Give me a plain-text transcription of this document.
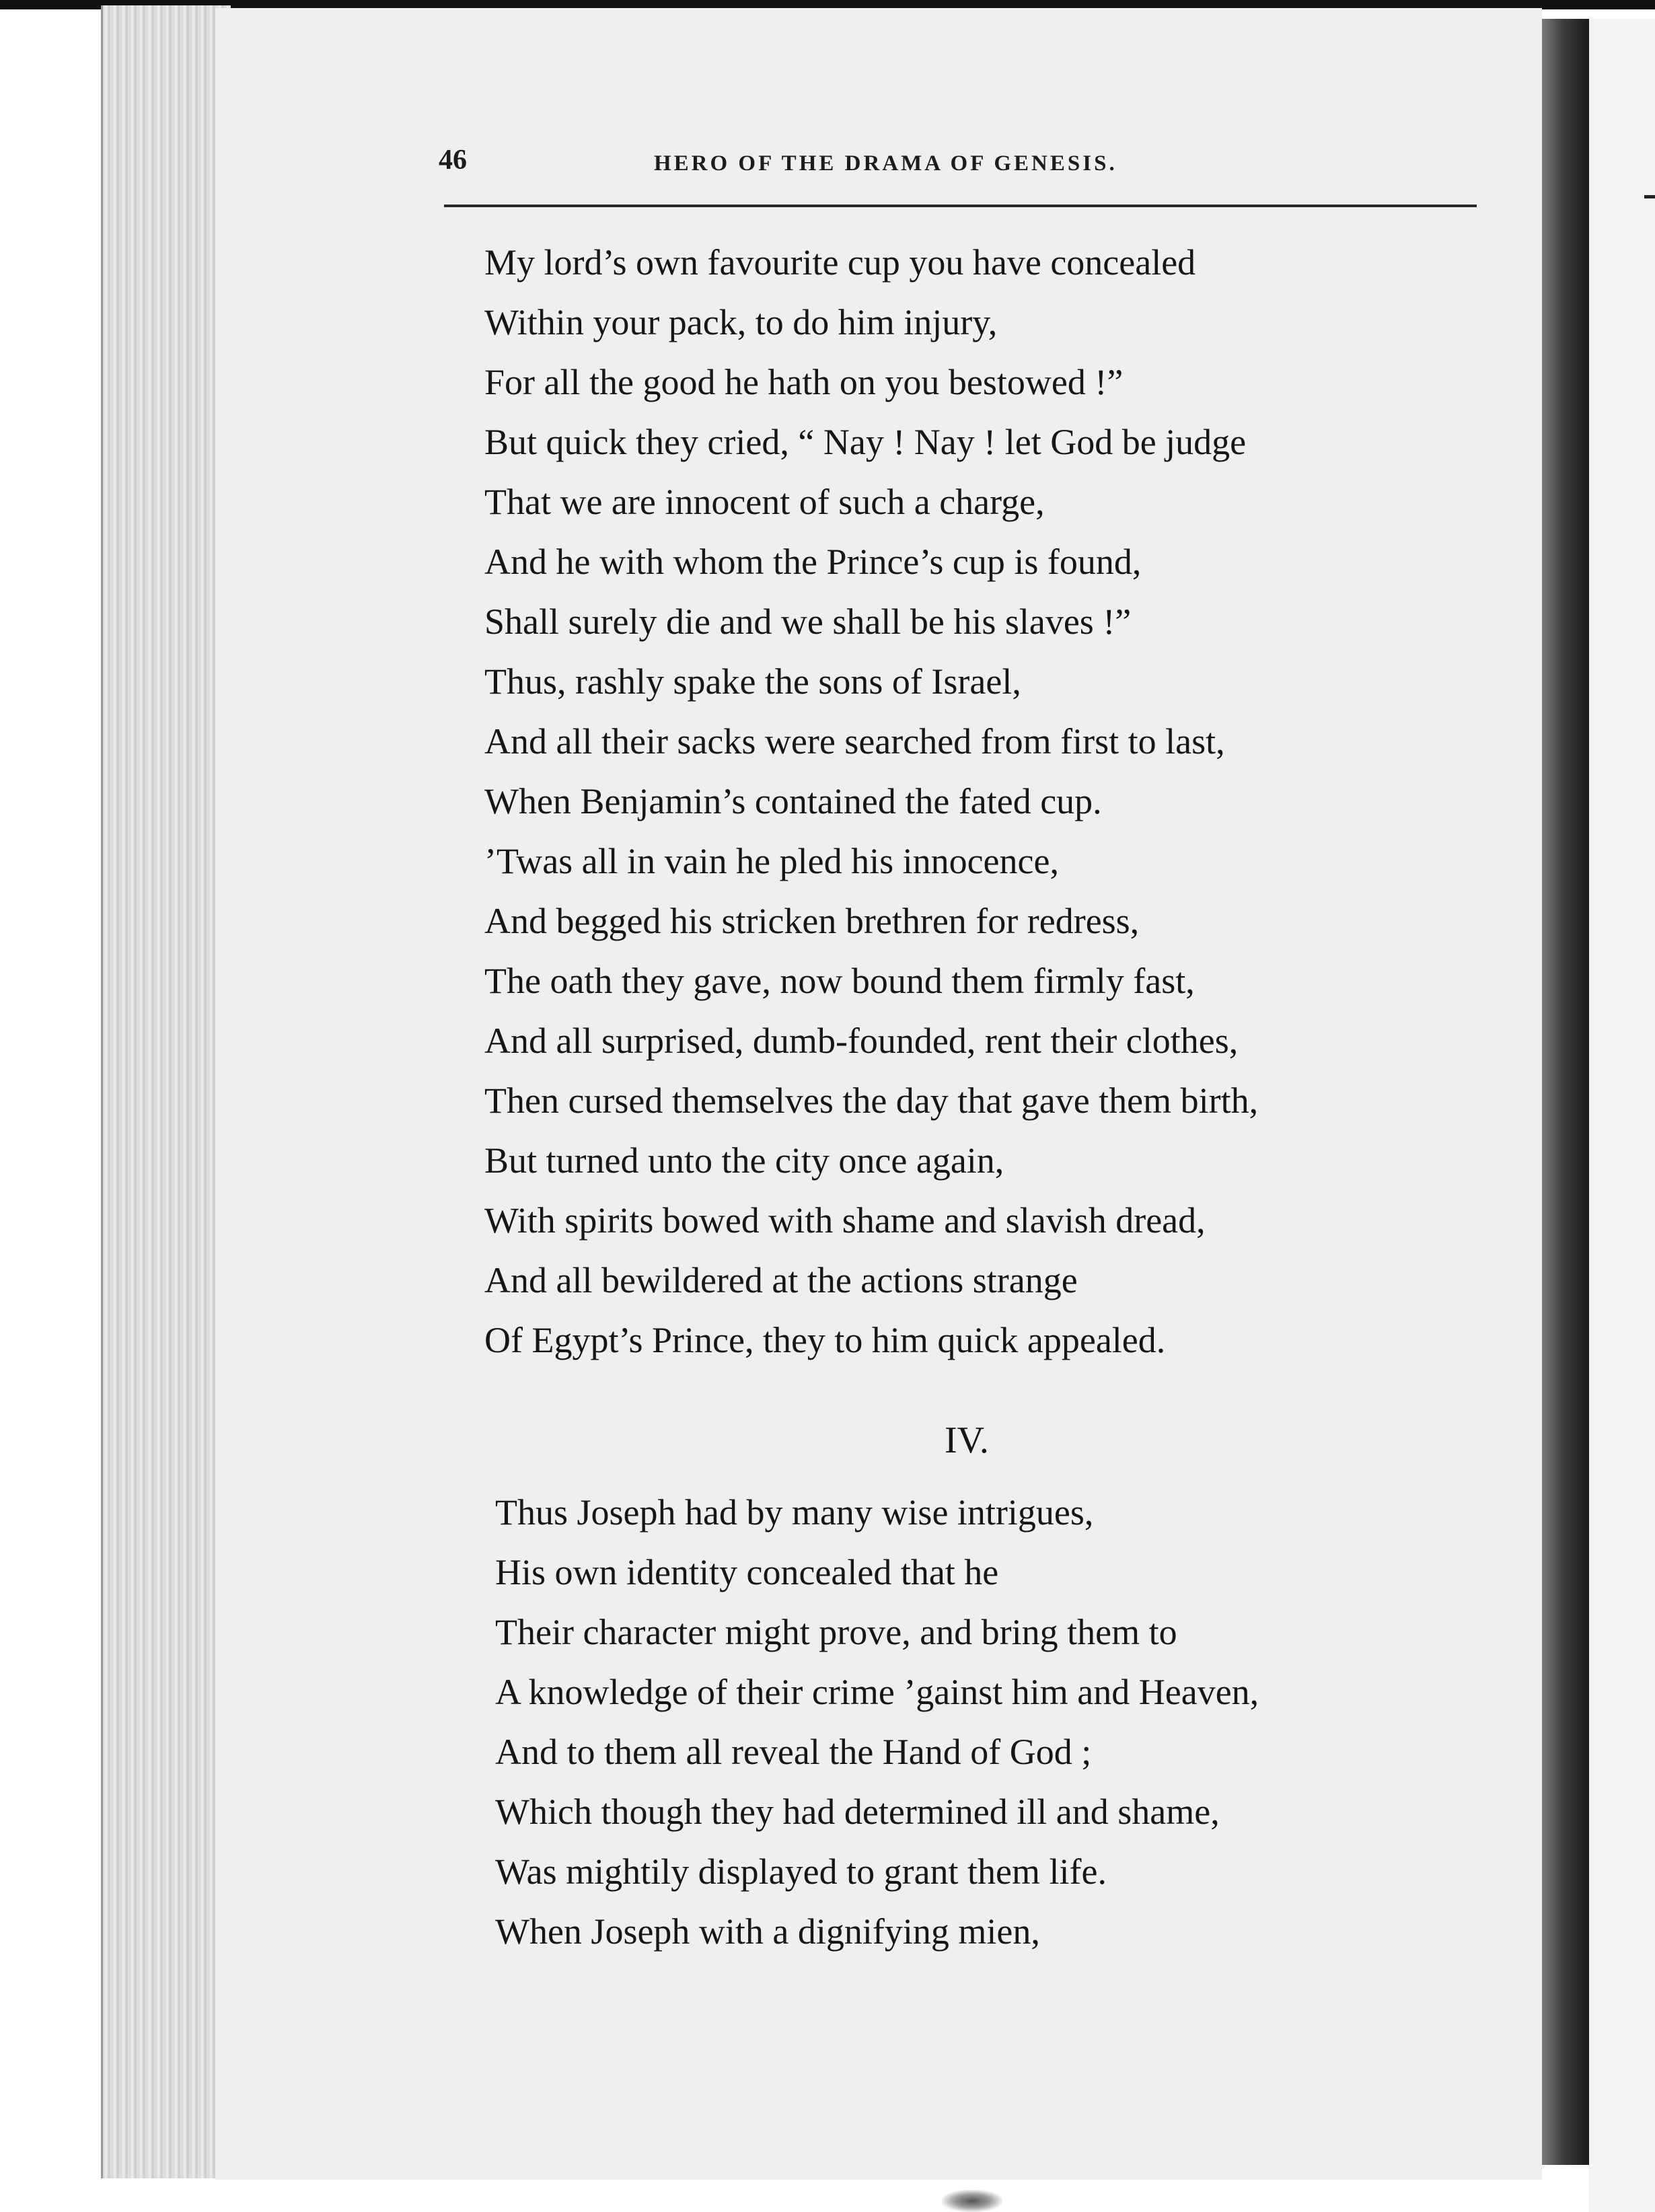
46	HERO OF THE DRAMA OF GENESIS.
My lord’s own favourite cup you have concealed
Within your pack, to do him injury,
For all the good he hath on you bestowed !”
But quick they cried, “ Nay ! Nay ! let God be judge
That we are innocent of such a charge,
And he with whom the Prince’s cup is found,
Shall surely die and we shall be his slaves !”
Thus, rashly spake the sons of Israel,
And all their sacks were searched from first to last,
When Benjamin’s contained the fated cup.
’Twas all in vain he pled his innocence,
And begged his stricken brethren for redress,
The oath they gave, now bound them firmly fast,
And all surprised, dumb-founded, rent their clothes,
Then cursed themselves the day that gave them birth,
But turned unto the city once again,
With spirits bowed with shame and slavish dread,
And all bewildered at the actions strange
Of Egypt’s Prince, they to him quick appealed.
IV.
Thus Joseph had by many wise intrigues,
His own identity concealed that he
Their character might prove, and bring them to
A knowledge of their crime ’gainst him and Heaven,
And to them all reveal the Hand of God ;
Which though they had determined ill and shame,
Was mightily displayed to grant them life.
When Joseph with a dignifying mien,
